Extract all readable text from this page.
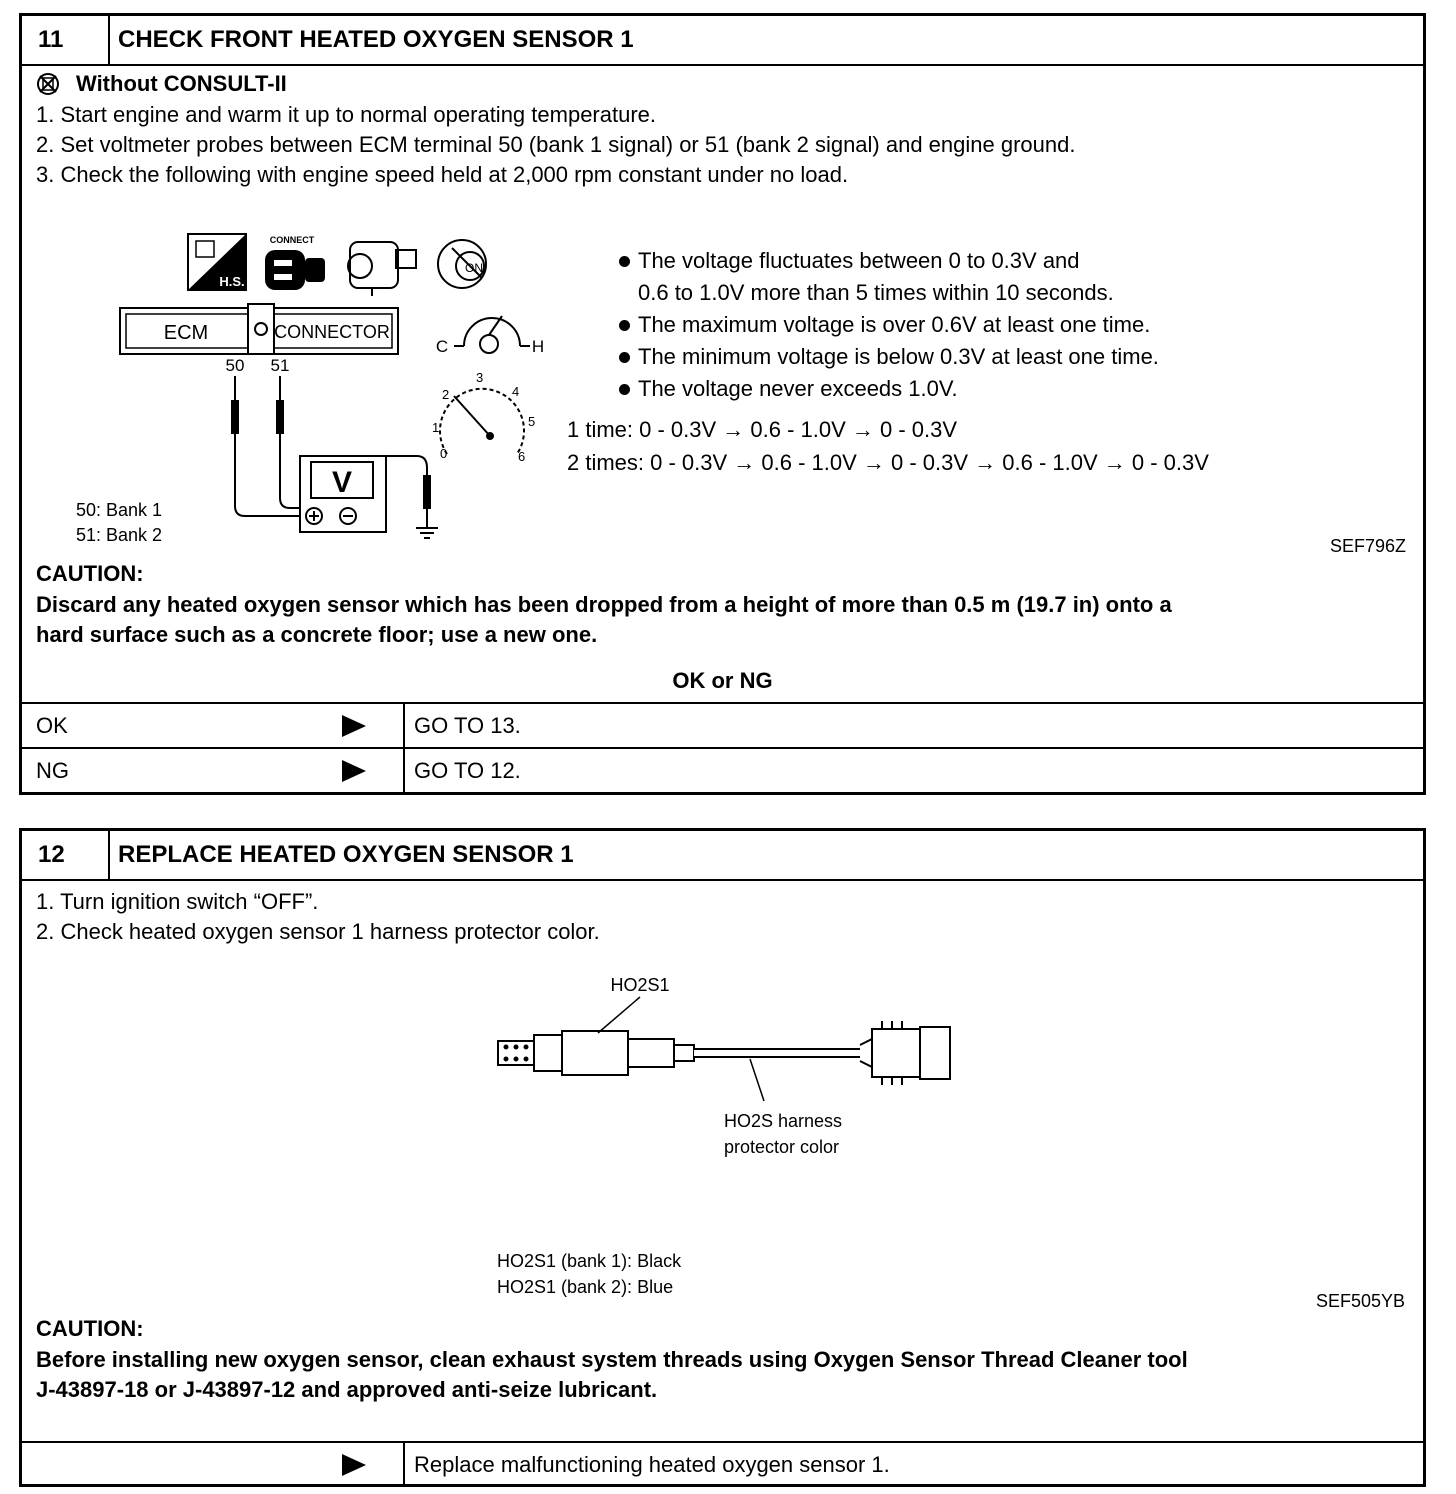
11	CHECK FRONT HEATED OXYGEN SENSOR 1
Without CONSULT-II
1. Start engine and warm it up to normal operating temperature.
2. Set voltmeter probes between ECM terminal 50 (bank 1 signal) or 51 (bank 2 signal) and engine ground.
3. Check the following with engine speed held at 2,000 rpm constant under no load.
H.S.
CONNECT
ON
ECM	CONNECTOR
50 51
V
C	H
0
1
2
3
4
5
6
50: Bank 1
51: Bank 2
The voltage fluctuates between 0 to 0.3V and
0.6 to 1.0V more than 5 times within 10 seconds.
The maximum voltage is over 0.6V at least one time.
The minimum voltage is below 0.3V at least one time.
The voltage never exceeds 1.0V.
1 time: 0 - 0.3V → 0.6 - 1.0V → 0 - 0.3V
2 times: 0 - 0.3V → 0.6 - 1.0V → 0 - 0.3V → 0.6 - 1.0V → 0 - 0.3V
SEF796Z
CAUTION:
Discard any heated oxygen sensor which has been dropped from a height of more than 0.5 m (19.7 in) onto a
hard surface such as a concrete floor; use a new one.
OK or NG
OK	GO TO 13.
NG	GO TO 12.
12	REPLACE HEATED OXYGEN SENSOR 1
1. Turn ignition switch “OFF”.
2. Check heated oxygen sensor 1 harness protector color.
HO2S1
HO2S harness
protector color
HO2S1 (bank 1): Black
HO2S1 (bank 2): Blue
SEF505YB
CAUTION:
Before installing new oxygen sensor, clean exhaust system threads using Oxygen Sensor Thread Cleaner tool
J-43897-18 or J-43897-12 and approved anti-seize lubricant.
Replace malfunctioning heated oxygen sensor 1.
